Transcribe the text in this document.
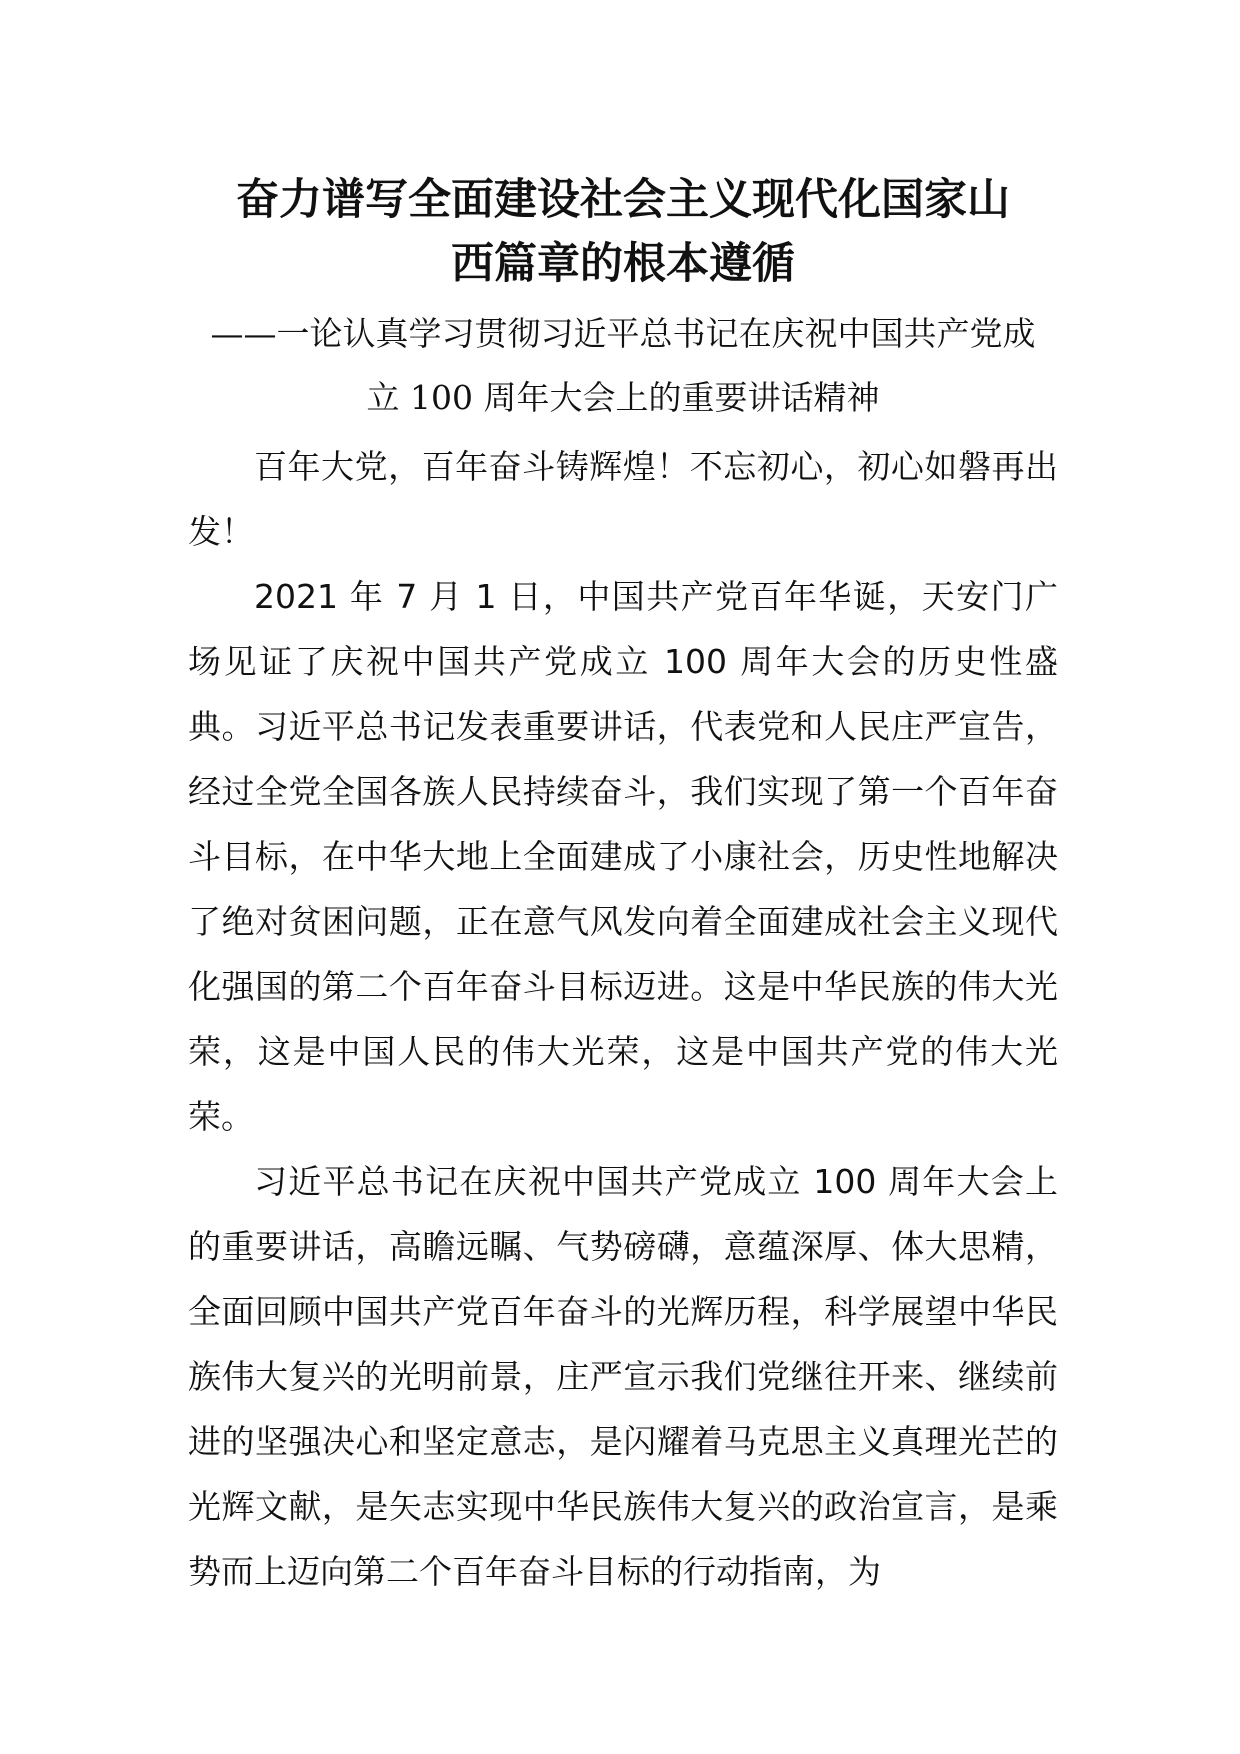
奋力谱写全面建设社会主义现代化国家山
西篇章的根本遵循
——一论认真学习贯彻习近平总书记在庆祝中国共产党成
立 100 周年大会上的重要讲话精神

百年大党，百年奋斗铸辉煌！不忘初心，初心如磐再出发！

2021 年 7 月 1 日，中国共产党百年华诞，天安门广场见证了庆祝中国共产党成立 100 周年大会的历史性盛典。习近平总书记发表重要讲话，代表党和人民庄严宣告，经过全党全国各族人民持续奋斗，我们实现了第一个百年奋斗目标，在中华大地上全面建成了小康社会，历史性地解决了绝对贫困问题，正在意气风发向着全面建成社会主义现代化强国的第二个百年奋斗目标迈进。这是中华民族的伟大光荣，这是中国人民的伟大光荣，这是中国共产党的伟大光荣。

习近平总书记在庆祝中国共产党成立 100 周年大会上的重要讲话，高瞻远瞩、气势磅礴，意蕴深厚、体大思精，全面回顾中国共产党百年奋斗的光辉历程，科学展望中华民族伟大复兴的光明前景，庄严宣示我们党继往开来、继续前进的坚强决心和坚定意志，是闪耀着马克思主义真理光芒的光辉文献，是矢志实现中华民族伟大复兴的政治宣言，是乘势而上迈向第二个百年奋斗目标的行动指南，为
